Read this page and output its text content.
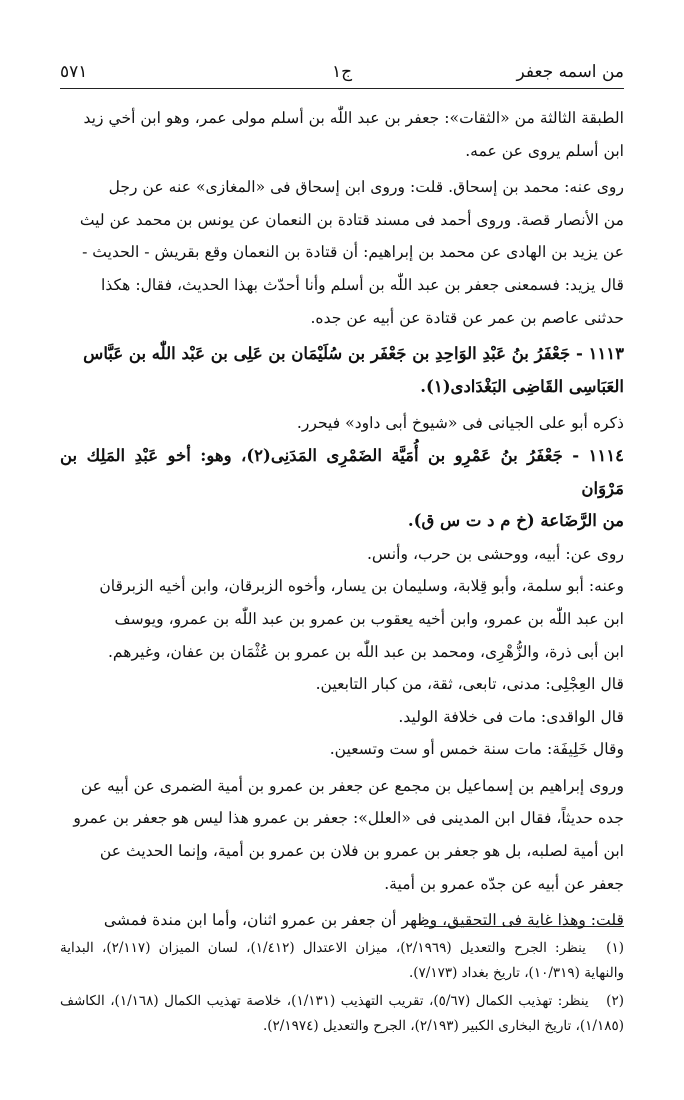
من اسمه جعفر
ج١
٥٧١

الطبقة الثالثة من «الثقات»: جعفر بن عبد اللّٰه بن أسلم مولى عمر، وهو ابن أخي زيد

ابن أسلم يروى عن عمه.

روى عنه: محمد بن إسحاق. قلت: وروى ابن إسحاق فى «المغازى» عنه عن رجل

من الأنصار قصة. وروى أحمد فى مسند قتادة بن النعمان عن يونس بن محمد عن ليث

عن يزيد بن الهادى عن محمد بن إبراهيم: أن قتادة بن النعمان وقع بقريش - الحديث -

قال يزيد: فسمعنى جعفر بن عبد اللّٰه بن أسلم وأنا أحدّث بهذا الحديث، فقال: هكذا

حدثنى عاصم بن عمر عن قتادة عن أبيه عن جده.

١١١٣ - جَعْفَرُ بنُ عَبْدِ الوَاحِدِ بن جَعْفَر بن سُلَيْمَان بن عَلِى بن عَبْد اللّٰه بن عَبَّاس

العَبَاسِى القَاضِى البَغْدَادى(١).

ذكره أبو على الجيانى فى «شيوخ أبى داود» فيحرر.

١١١٤ - جَعْفَرُ بنُ عَمْرِو بن أُمَيَّة الضَمْرِى المَدَنِى(٢)، وهو: أخو عَبْدِ المَلِك بن مَرْوَان

من الرَّضَاعة (خ م د ت س ق).

روى عن: أبيه، ووحشى بن حرب، وأنس.

وعنه: أبو سلمة، وأبو قِلابة، وسليمان بن يسار، وأخوه الزبرقان، وابن أخيه الزبرقان

ابن عبد اللّٰه بن عمرو، وابن أخيه يعقوب بن عمرو بن عبد اللّٰه بن عمرو، ويوسف

ابن أبى ذرة، والزُّهْرِى، ومحمد بن عبد اللّٰه بن عمرو بن عُثْمَان بن عفان، وغيرهم.

قال العِجْلِى: مدنى، تابعى، ثقة، من كبار التابعين.

قال الواقدى: مات فى خلافة الوليد.

وقال خَلِيفَة: مات سنة خمس أو ست وتسعين.

وروى إبراهيم بن إسماعيل بن مجمع عن جعفر بن عمرو بن أمية الضمرى عن أبيه عن

جده حديثاً، فقال ابن المدينى فى «العلل»: جعفر بن عمرو هذا ليس هو جعفر بن عمرو

ابن أمية لصلبه، بل هو جعفر بن عمرو بن فلان بن عمرو بن أمية، وإنما الحديث عن

جعفر عن أبيه عن جدّه عمرو بن أمية.

قلت: وهذا غاية فى التحقيق، وظهر أن جعفر بن عمرو اثنان، وأما ابن مندة فمشى

(١) ينظر: الجرح والتعديل (٢/١٩٦٩)، ميزان الاعتدال (١/٤١٢)، لسان الميزان (٢/١١٧)، البداية والنهاية (١٠/٣١٩)، تاريخ بغداد (٧/١٧٣).

(٢) ينظر: تهذيب الكمال (٥/٦٧)، تقريب التهذيب (١/١٣١)، خلاصة تهذيب الكمال (١/١٦٨)، الكاشف (١/١٨٥)، تاريخ البخارى الكبير (٢/١٩٣)، الجرح والتعديل (٢/١٩٧٤).
